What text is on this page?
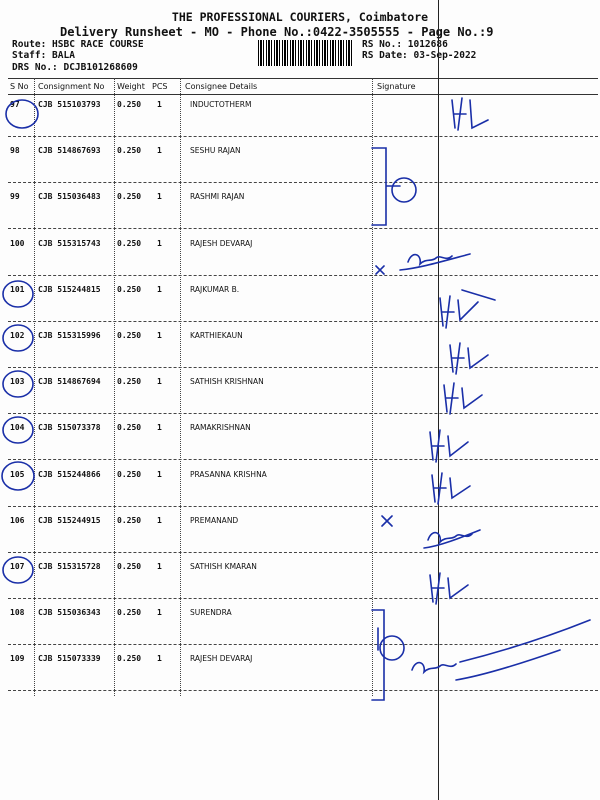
THE PROFESSIONAL COURIERS, Coimbatore
Delivery Runsheet - MO - Phone No.:0422-3505555 - Page No.:9
Route: HSBC RACE COURSE
Staff: BALA
DRS No.: DCJB101268609
RS No.: 1012686
RS Date: 03-Sep-2022
S No Consignment No Weight PCS Consignee Details	Signature
97 CJB 515103793 0.250 1	INDUCTOTHERM
98 CJB 514867693 0.250 1	SESHU RAJAN
99 CJB 515036483 0.250 1	RASHMI RAJAN
100 CJB 515315743 0.250 1	RAJESH DEVARAJ
101 CJB 515244815 0.250 1	RAJKUMAR B.
102 CJB 515315996 0.250 1	KARTHIEKAUN
103 CJB 514867694 0.250 1	SATHISH KRISHNAN
104 CJB 515073378 0.250 1	RAMAKRISHNAN
105 CJB 515244866 0.250 1	PRASANNA KRISHNA
106 CJB 515244915 0.250 1	PREMANAND
107 CJB 515315728 0.250 1	SATHISH KMARAN
108 CJB 515036343 0.250 1	SURENDRA
109 CJB 515073339 0.250 1	RAJESH DEVARAJ
9698814908
9566515474
9566515474
